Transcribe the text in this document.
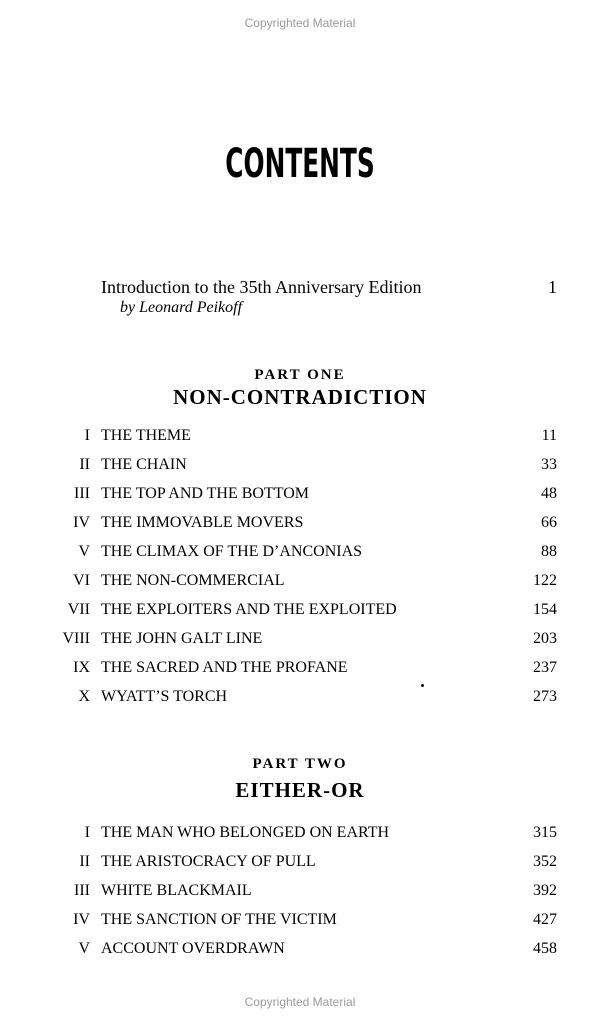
Copyrighted Material
CONTENTS
Introduction to the 35th Anniversary Edition	1
by Leonard Peikoff
PART ONE
NON-CONTRADICTION
I THE THEME	11
II THE CHAIN	33
III THE TOP AND THE BOTTOM	48
IV THE IMMOVABLE MOVERS	66
V THE CLIMAX OF THE D’ANCONIAS	88
VI THE NON-COMMERCIAL	122
VII THE EXPLOITERS AND THE EXPLOITED	154
VIII THE JOHN GALT LINE	203
IX THE SACRED AND THE PROFANE	237
X WYATT’S TORCH	273
PART TWO
EITHER-OR
I THE MAN WHO BELONGED ON EARTH	315
II THE ARISTOCRACY OF PULL	352
III WHITE BLACKMAIL	392
IV THE SANCTION OF THE VICTIM	427
V ACCOUNT OVERDRAWN	458
Copyrighted Material
